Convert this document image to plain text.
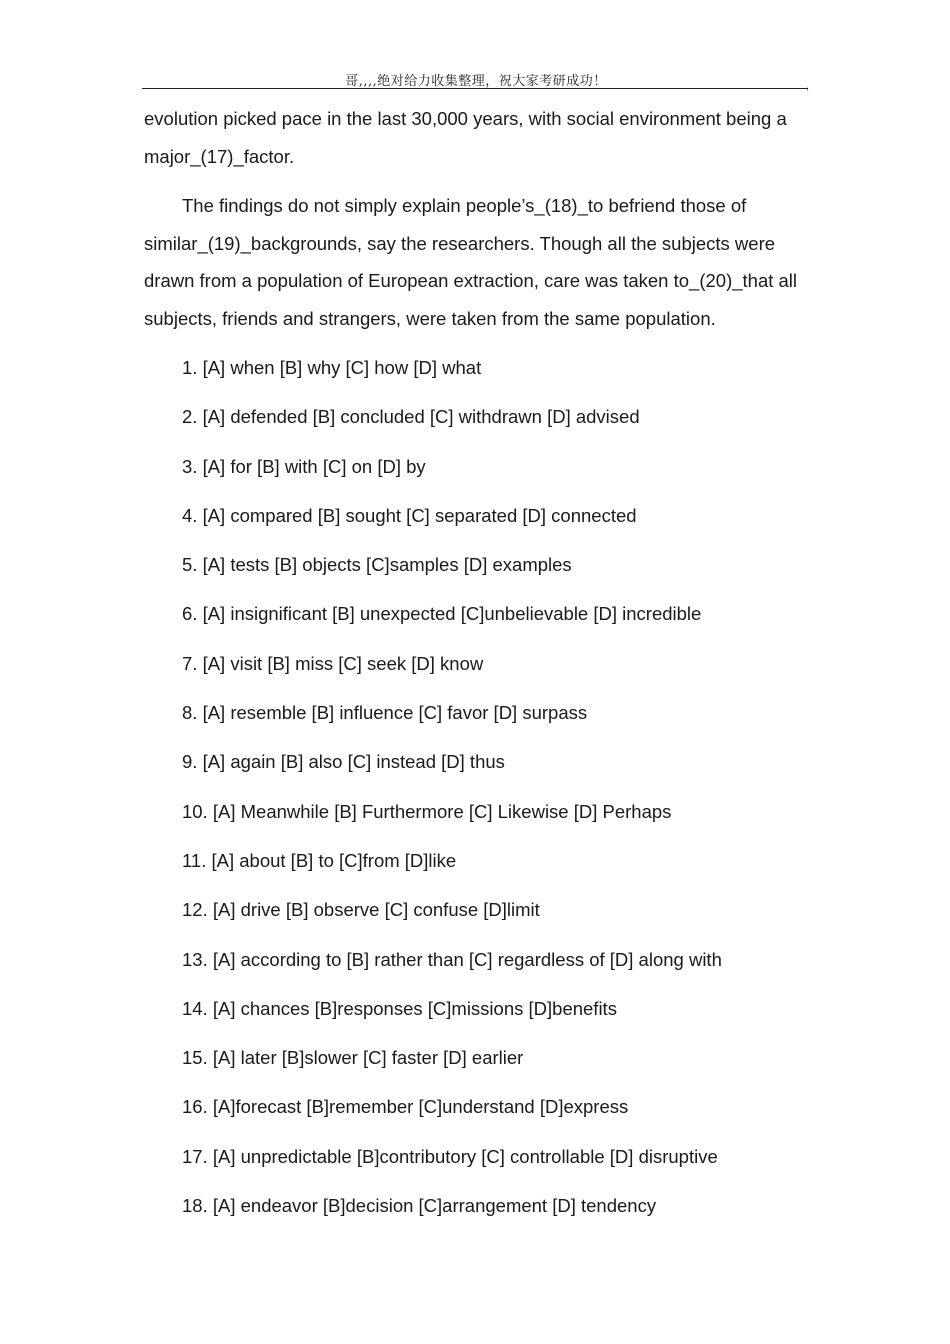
哥,,,,绝对给力收集整理，祝大家考研成功！	,
evolution picked pace in the last 30,000 years, with social environment being a major_(17)_factor.
The findings do not simply explain people’s_(18)_to befriend those of similar_(19)_backgrounds, say the researchers. Though all the subjects were drawn from a population of European extraction, care was taken to_(20)_that all subjects, friends and strangers, were taken from the same population.
1. [A] when [B] why [C] how [D] what
2. [A] defended [B] concluded [C] withdrawn [D] advised
3. [A] for [B] with [C] on [D] by
4. [A] compared [B] sought [C] separated [D] connected
5. [A] tests [B] objects [C]samples [D] examples
6. [A] insignificant [B] unexpected [C]unbelievable [D] incredible
7. [A] visit [B] miss [C] seek [D] know
8. [A] resemble [B] influence [C] favor [D] surpass
9. [A] again [B] also [C] instead [D] thus
10. [A] Meanwhile [B] Furthermore [C] Likewise [D] Perhaps
11. [A] about [B] to [C]from [D]like
12. [A] drive [B] observe [C] confuse [D]limit
13. [A] according to [B] rather than [C] regardless of [D] along with
14. [A] chances [B]responses [C]missions [D]benefits
15. [A] later [B]slower [C] faster [D] earlier
16. [A]forecast [B]remember [C]understand [D]express
17. [A] unpredictable [B]contributory [C] controllable [D] disruptive
18. [A] endeavor [B]decision [C]arrangement [D] tendency
